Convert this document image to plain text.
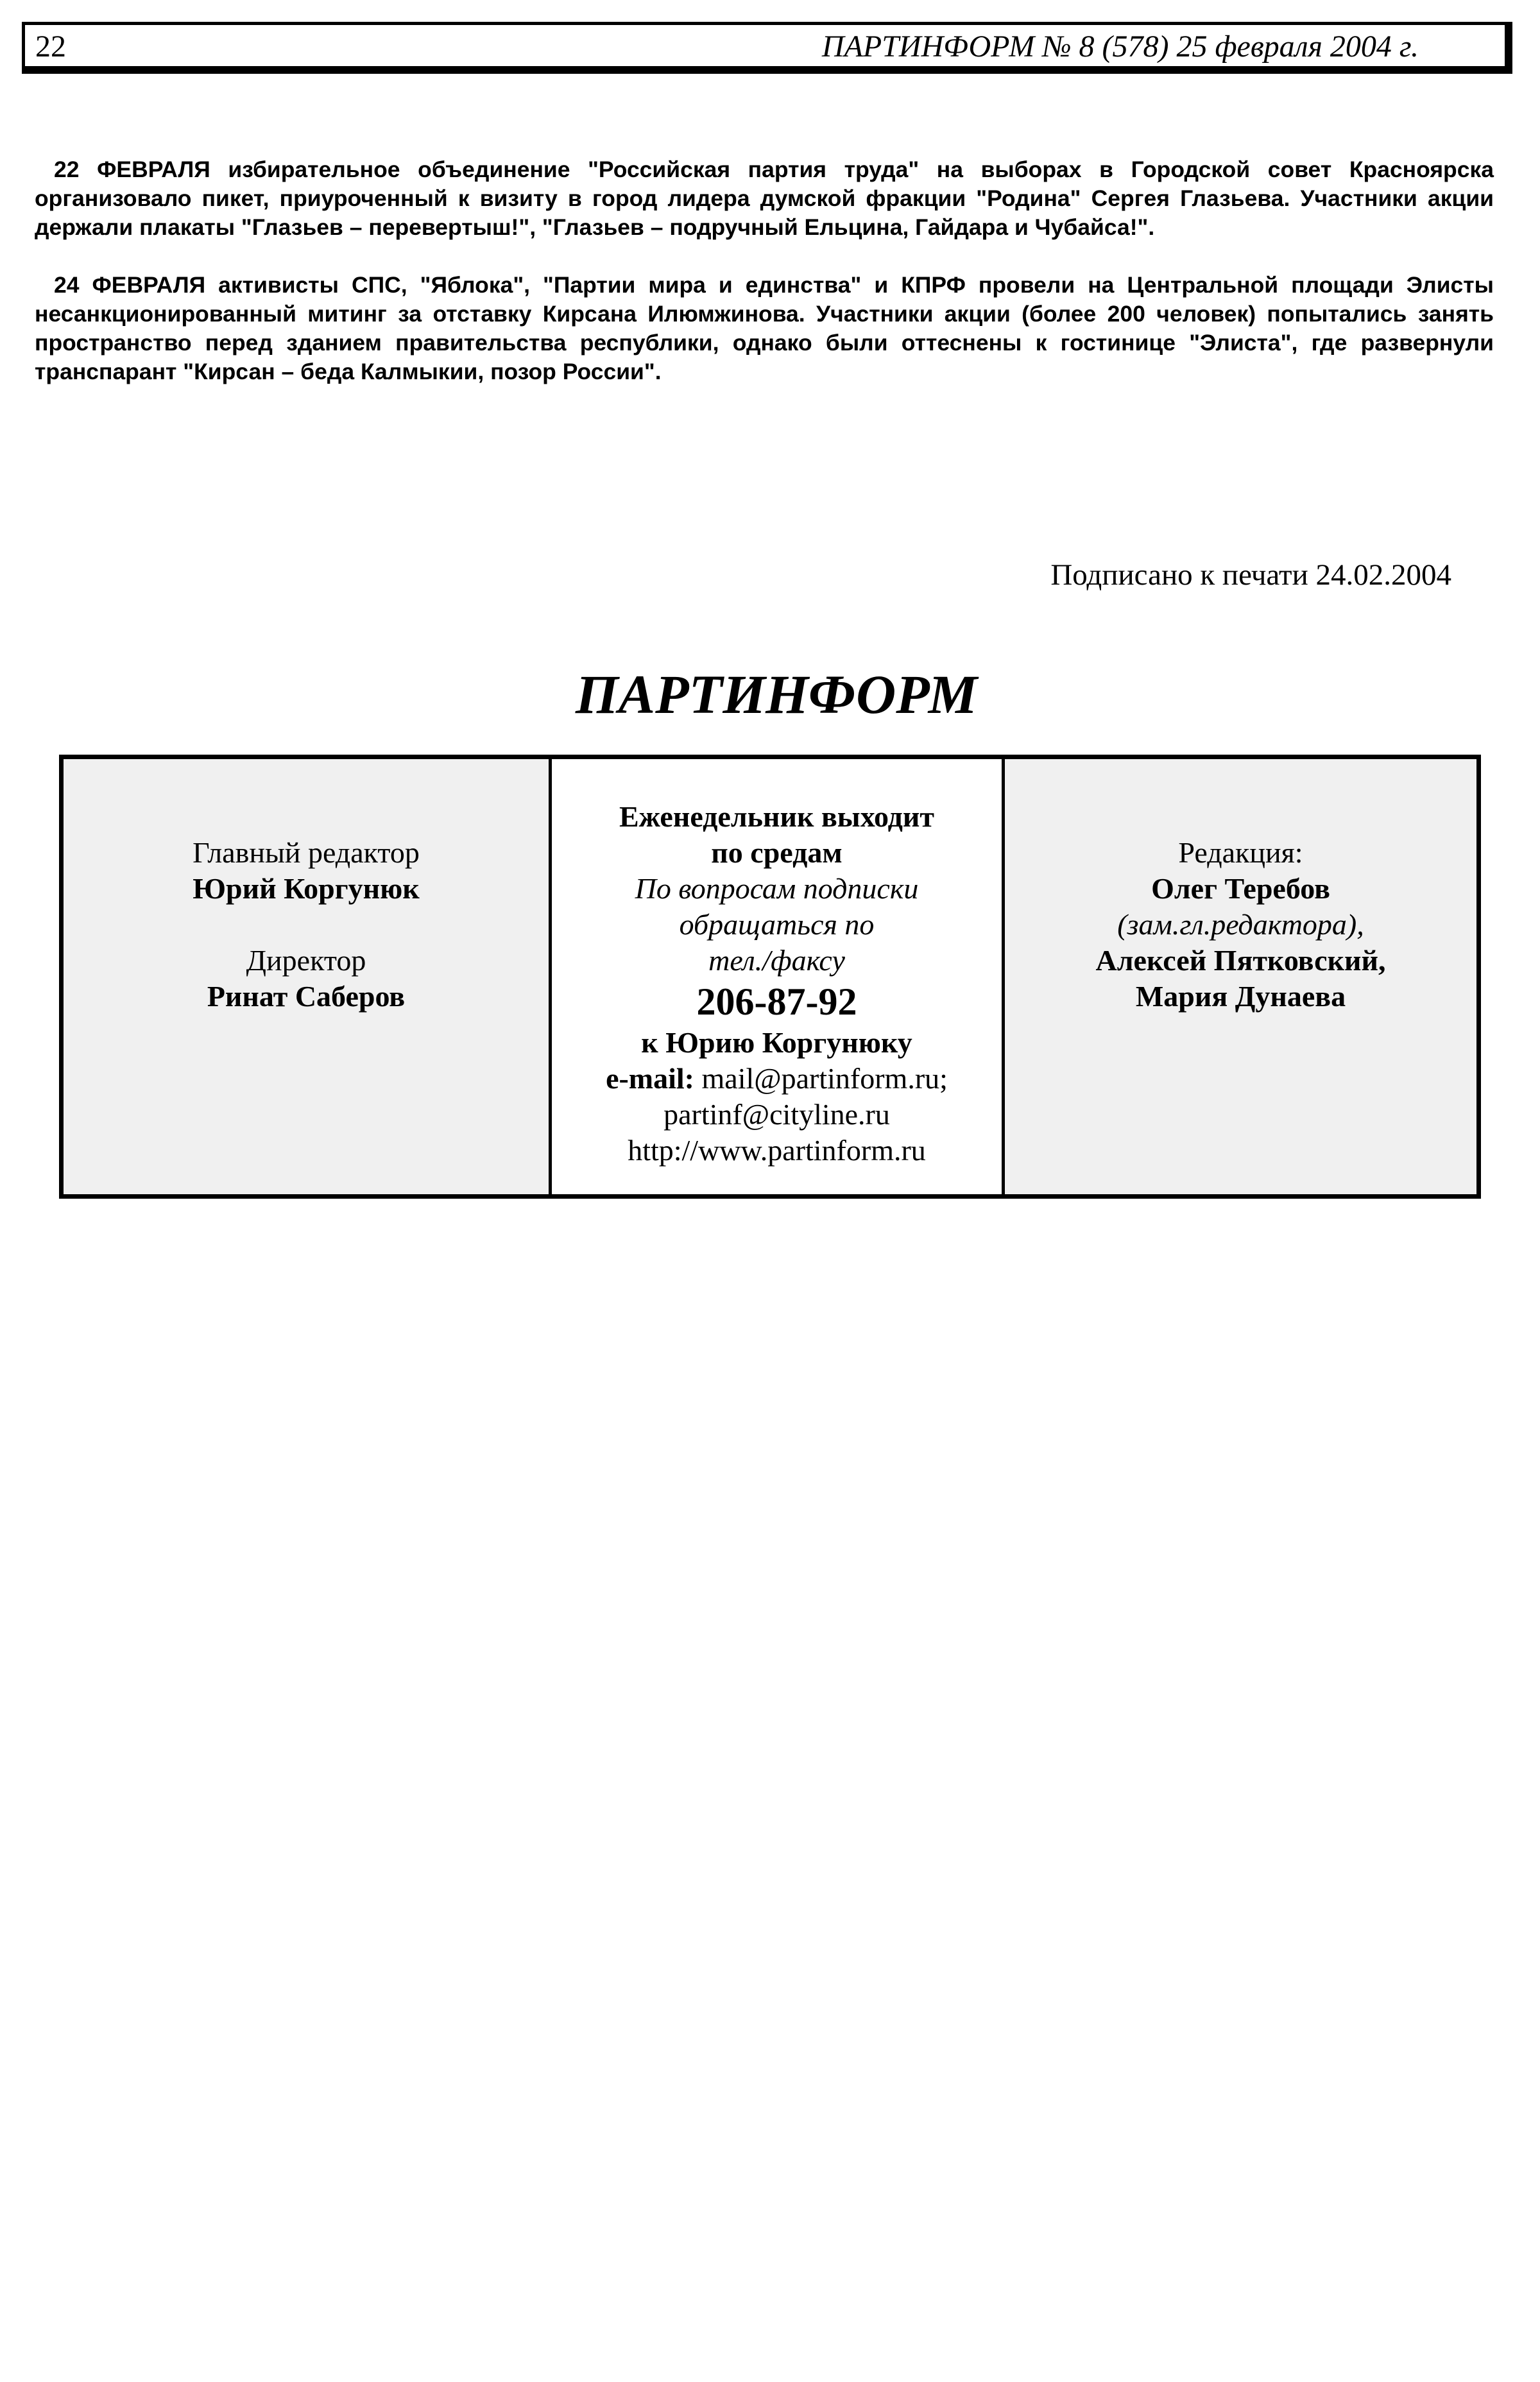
22	ПАРТИНФОРМ № 8 (578) 25 февраля 2004 г.

22 ФЕВРАЛЯ избирательное объединение "Российская партия труда" на выборах в Городской совет Красноярска организовало пикет, приуроченный к визиту в город лидера думской фракции "Родина" Сергея Глазьева. Участники акции держали плакаты "Глазьев – перевертыш!", "Глазьев – подручный Ельцина, Гайдара и Чубайса!".

24 ФЕВРАЛЯ активисты СПС, "Яблока", "Партии мира и единства" и КПРФ провели на Центральной площади Элисты несанкционированный митинг за отставку Кирсана Илюмжинова. Участники акции (более 200 человек) попытались занять пространство перед зданием правительства республики, однако были оттеснены к гостинице "Элиста", где развернули транспарант "Кирсан – беда Калмыкии, позор России".

Подписано к печати 24.02.2004
ПАРТИНФОРМ
Главный редактор
Юрий Коргунюк
Директор
Ринат Саберов
Еженедельник выходит
по средам
По вопросам подписки
обращаться по
тел./факсу
206-87-92
к Юрию Коргунюку
e-mail: mail@partinform.ru;
partinf@cityline.ru
http://www.partinform.ru
Редакция:
Олег Теребов
(зам.гл.редактора),
Алексей Пятковский,
Мария Дунаева
